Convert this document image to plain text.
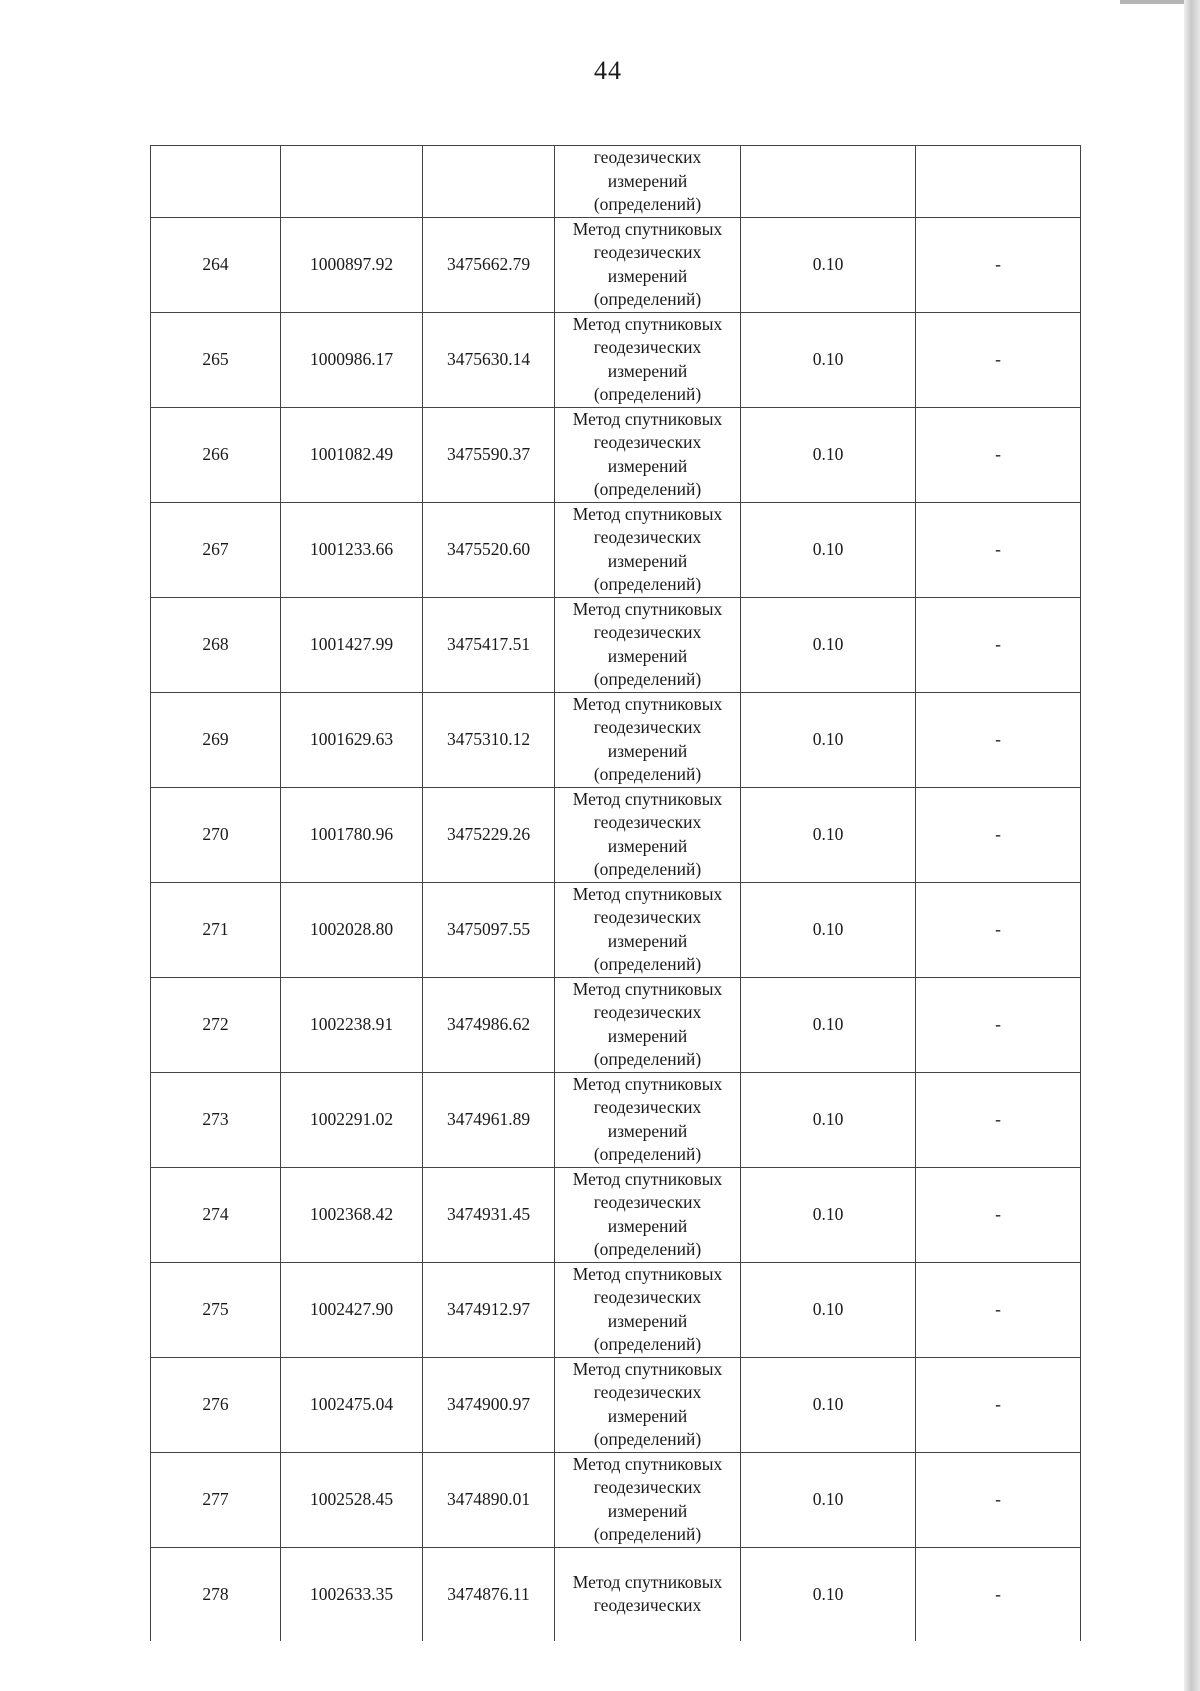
44

			геодезических
измерений
(определений)		

264	1000897.92	3475662.79	Метод спутниковых
геодезических
измерений
(определений)	0.10	-
265	1000986.17	3475630.14	Метод спутниковых
геодезических
измерений
(определений)	0.10	-
266	1001082.49	3475590.37	Метод спутниковых
геодезических
измерений
(определений)	0.10	-
267	1001233.66	3475520.60	Метод спутниковых
геодезических
измерений
(определений)	0.10	-
268	1001427.99	3475417.51	Метод спутниковых
геодезических
измерений
(определений)	0.10	-
269	1001629.63	3475310.12	Метод спутниковых
геодезических
измерений
(определений)	0.10	-
270	1001780.96	3475229.26	Метод спутниковых
геодезических
измерений
(определений)	0.10	-
271	1002028.80	3475097.55	Метод спутниковых
геодезических
измерений
(определений)	0.10	-
272	1002238.91	3474986.62	Метод спутниковых
геодезических
измерений
(определений)	0.10	-
273	1002291.02	3474961.89	Метод спутниковых
геодезических
измерений
(определений)	0.10	-
274	1002368.42	3474931.45	Метод спутниковых
геодезических
измерений
(определений)	0.10	-
275	1002427.90	3474912.97	Метод спутниковых
геодезических
измерений
(определений)	0.10	-
276	1002475.04	3474900.97	Метод спутниковых
геодезических
измерений
(определений)	0.10	-
277	1002528.45	3474890.01	Метод спутниковых
геодезических
измерений
(определений)	0.10	-
278	1002633.35	3474876.11	Метод спутниковых
геодезических	0.10	-
